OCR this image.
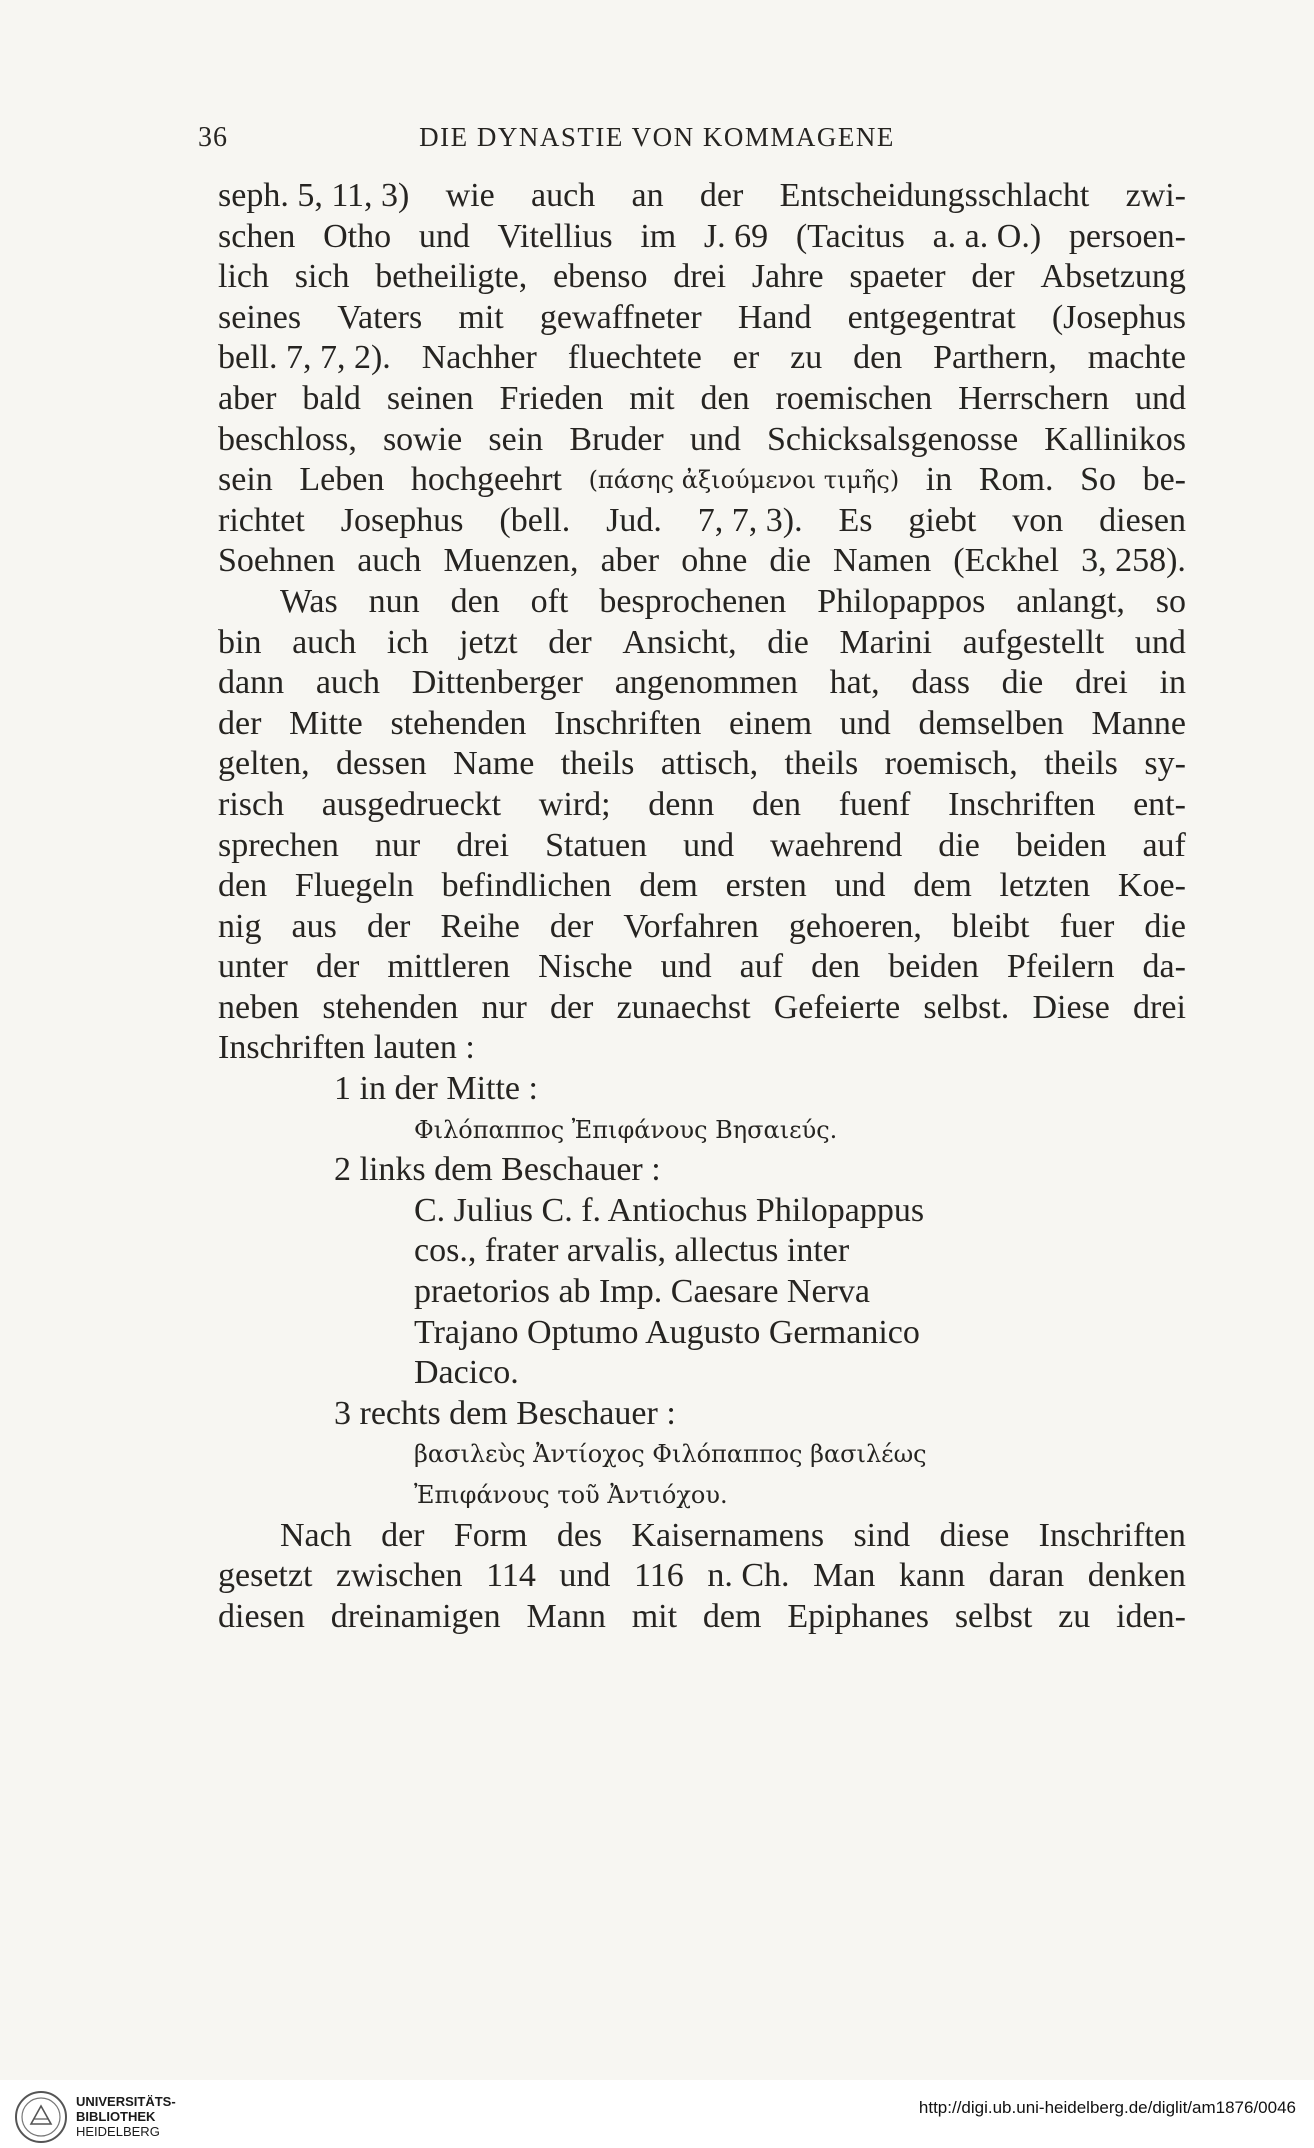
36	DIE DYNASTIE VON KOMMAGENE
seph. 5, 11, 3) wie auch an der Entscheidungsschlacht zwi-
schen Otho und Vitellius im J. 69 (Tacitus a. a. O.) persoen-
lich sich betheiligte, ebenso drei Jahre spaeter der Absetzung
seines Vaters mit gewaffneter Hand entgegentrat (Josephus
bell. 7, 7, 2). Nachher fluechtete er zu den Parthern, machte
aber bald seinen Frieden mit den roemischen Herrschern und
beschloss, sowie sein Bruder und Schicksalsgenosse Kallinikos
sein Leben hochgeehrt (πάσης ἀξιούμενοι τιμῆς) in Rom. So be-
richtet Josephus (bell. Jud. 7, 7, 3). Es giebt von diesen
Soehnen auch Muenzen, aber ohne die Namen (Eckhel 3, 258).
Was nun den oft besprochenen Philopappos anlangt, so
bin auch ich jetzt der Ansicht, die Marini aufgestellt und
dann auch Dittenberger angenommen hat, dass die drei in
der Mitte stehenden Inschriften einem und demselben Manne
gelten, dessen Name theils attisch, theils roemisch, theils sy-
risch ausgedrueckt wird; denn den fuenf Inschriften ent-
sprechen nur drei Statuen und waehrend die beiden auf
den Fluegeln befindlichen dem ersten und dem letzten Koe-
nig aus der Reihe der Vorfahren gehoeren, bleibt fuer die
unter der mittleren Nische und auf den beiden Pfeilern da-
neben stehenden nur der zunaechst Gefeierte selbst. Diese drei
Inschriften lauten :
1 in der Mitte :
Φιλόπαππος Ἐπιφάνους Βησαιεύς.
2 links dem Beschauer :
C. Julius C. f. Antiochus Philopappus
cos., frater arvalis, allectus inter
praetorios ab Imp. Caesare Nerva
Trajano Optumo Augusto Germanico
Dacico.
3 rechts dem Beschauer :
βασιλεὺς Ἀντίοχος Φιλόπαππος βασιλέως
Ἐπιφάνους τοῦ Ἀντιόχου.
Nach der Form des Kaisernamens sind diese Inschriften
gesetzt zwischen 114 und 116 n. Ch. Man kann daran denken
diesen dreinamigen Mann mit dem Epiphanes selbst zu iden-
UNIVERSITÄTS-
BIBLIOTHEK
HEIDELBERG
http://digi.ub.uni-heidelberg.de/diglit/am1876/0046
